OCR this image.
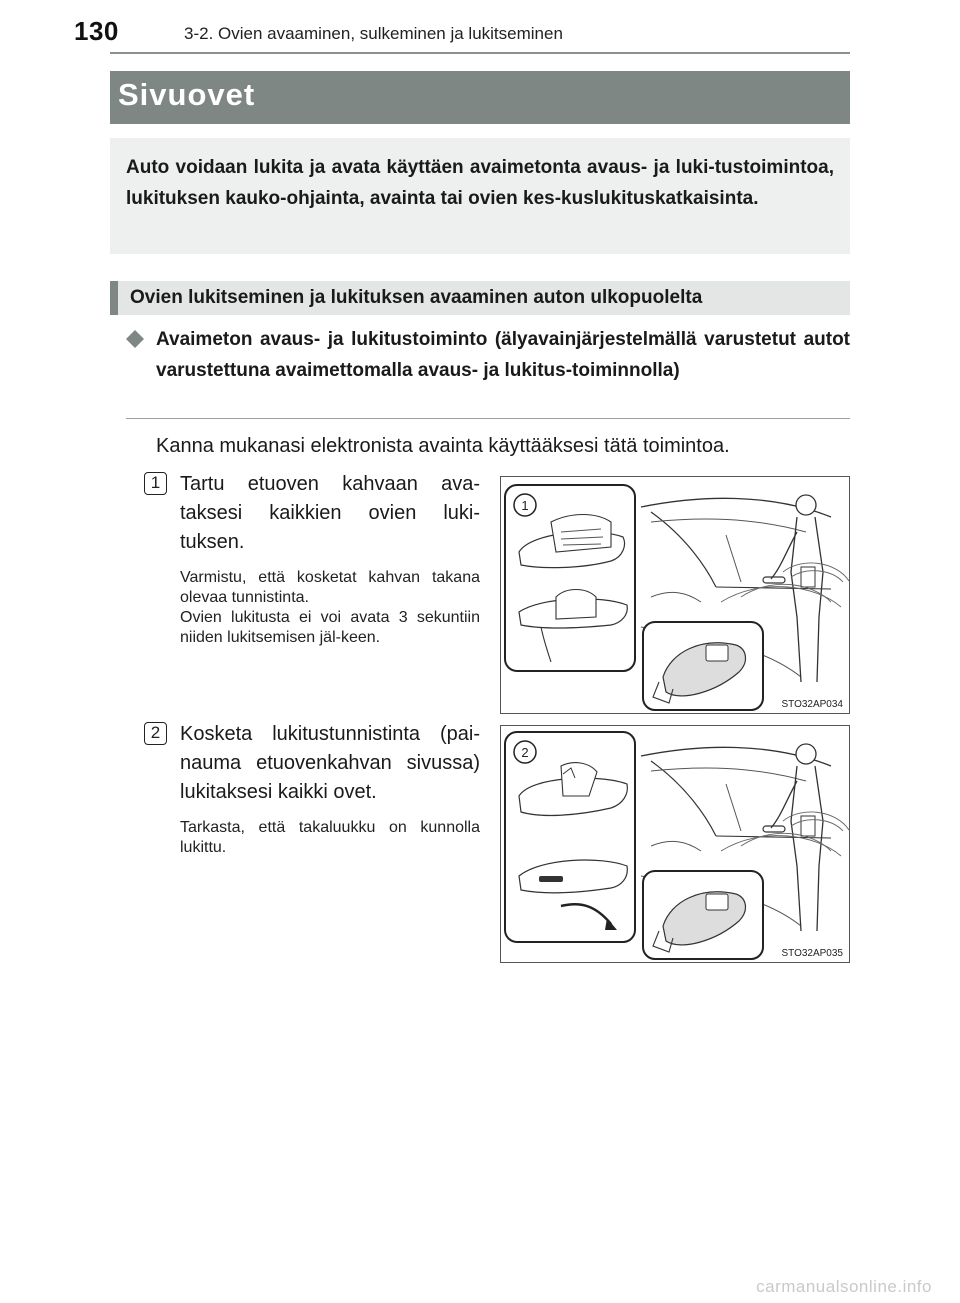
130	3-2. Ovien avaaminen, sulkeminen ja lukitseminen
Sivuovet

Auto voidaan lukita ja avata käyttäen avaimetonta avaus- ja luki-tustoimintoa, lukituksen kauko-ohjainta, avainta tai ovien kes-kuslukituskatkaisinta.

Ovien lukitseminen ja lukituksen avaaminen auton ulkopuolelta

Avaimeton avaus- ja lukitustoiminto (älyavainjärjestelmällä varustetut autot varustettuna avaimettomalla avaus- ja lukitus-toiminnolla)

Kanna mukanasi elektronista avainta käyttääksesi tätä toimintoa.

1 Tartu etuoven kahvaan ava-taksesi kaikkien ovien luki-tuksen.

Varmistu, että kosketat kahvan takana olevaa tunnistinta.
Ovien lukitusta ei voi avata 3 sekuntiin niiden lukitsemisen jäl-keen.

1
STO32AP034
2 Kosketa lukitustunnistinta (pai-nauma etuovenkahvan sivussa) lukitaksesi kaikki ovet.

Tarkasta, että takaluukku on kunnolla lukittu.

2
STO32AP035
carmanualsonline.info
